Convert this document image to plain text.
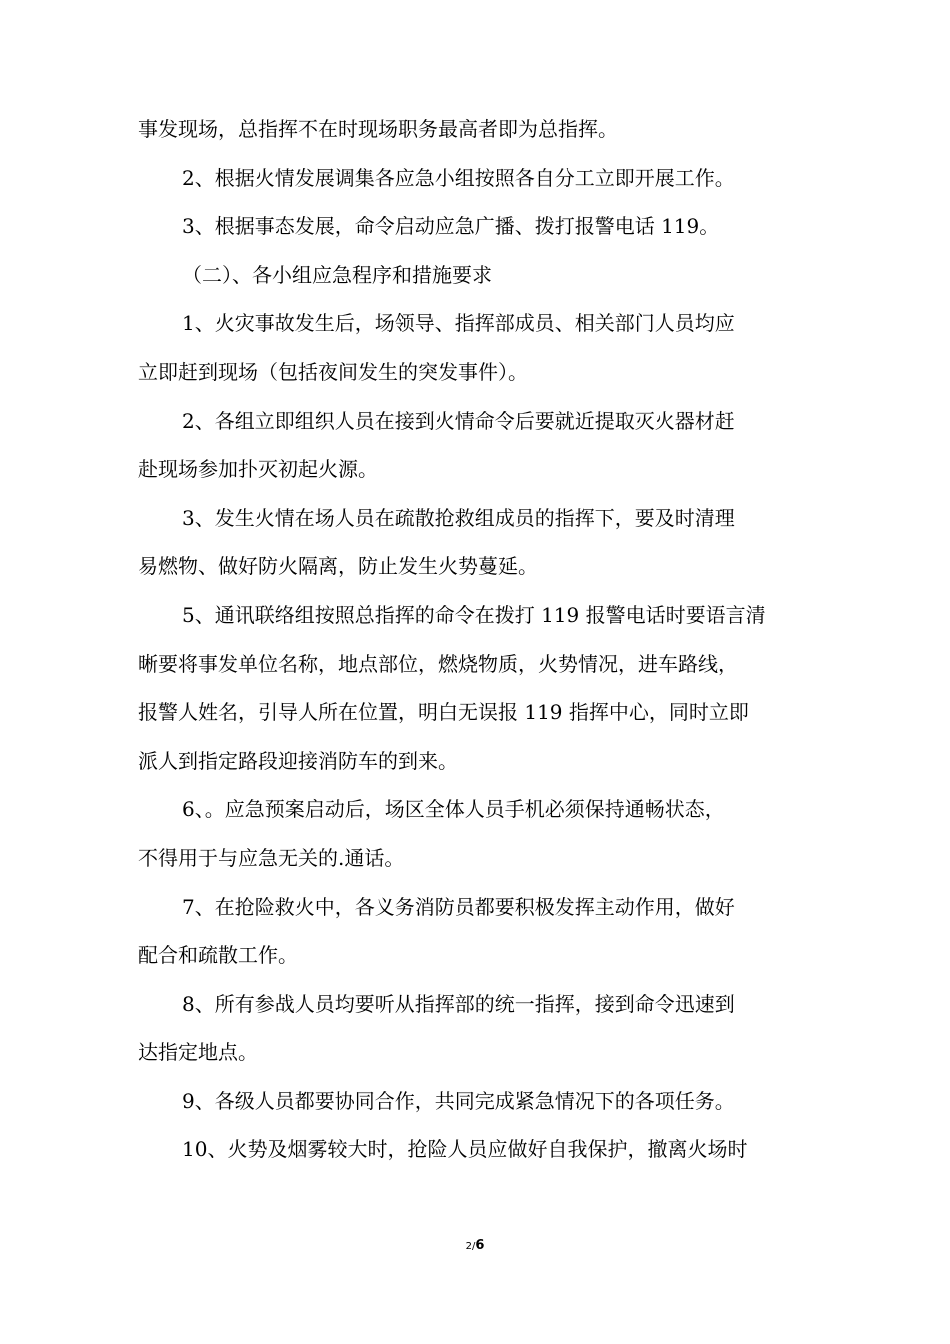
事发现场，总指挥不在时现场职务最高者即为总指挥。
2、根据火情发展调集各应急小组按照各自分工立即开展工作。
3、根据事态发展，命令启动应急广播、拨打报警电话 119。
（二）、各小组应急程序和措施要求
1、火灾事故发生后，场领导、指挥部成员、相关部门人员均应
立即赶到现场（包括夜间发生的突发事件）。
2、各组立即组织人员在接到火情命令后要就近提取灭火器材赶
赴现场参加扑灭初起火源。
3、发生火情在场人员在疏散抢救组成员的指挥下，要及时清理
易燃物、做好防火隔离，防止发生火势蔓延。
5、通讯联络组按照总指挥的命令在拨打 119 报警电话时要语言清
晰要将事发单位名称，地点部位，燃烧物质，火势情况，进车路线，
报警人姓名，引导人所在位置，明白无误报 119 指挥中心，同时立即
派人到指定路段迎接消防车的到来。
6、。应急预案启动后，场区全体人员手机必须保持通畅状态，
不得用于与应急无关的.通话。
7、在抢险救火中，各义务消防员都要积极发挥主动作用，做好
配合和疏散工作。
8、所有参战人员均要听从指挥部的统一指挥，接到命令迅速到
达指定地点。
9、各级人员都要协同合作，共同完成紧急情况下的各项任务。
10、火势及烟雾较大时，抢险人员应做好自我保护，撤离火场时
2/6
